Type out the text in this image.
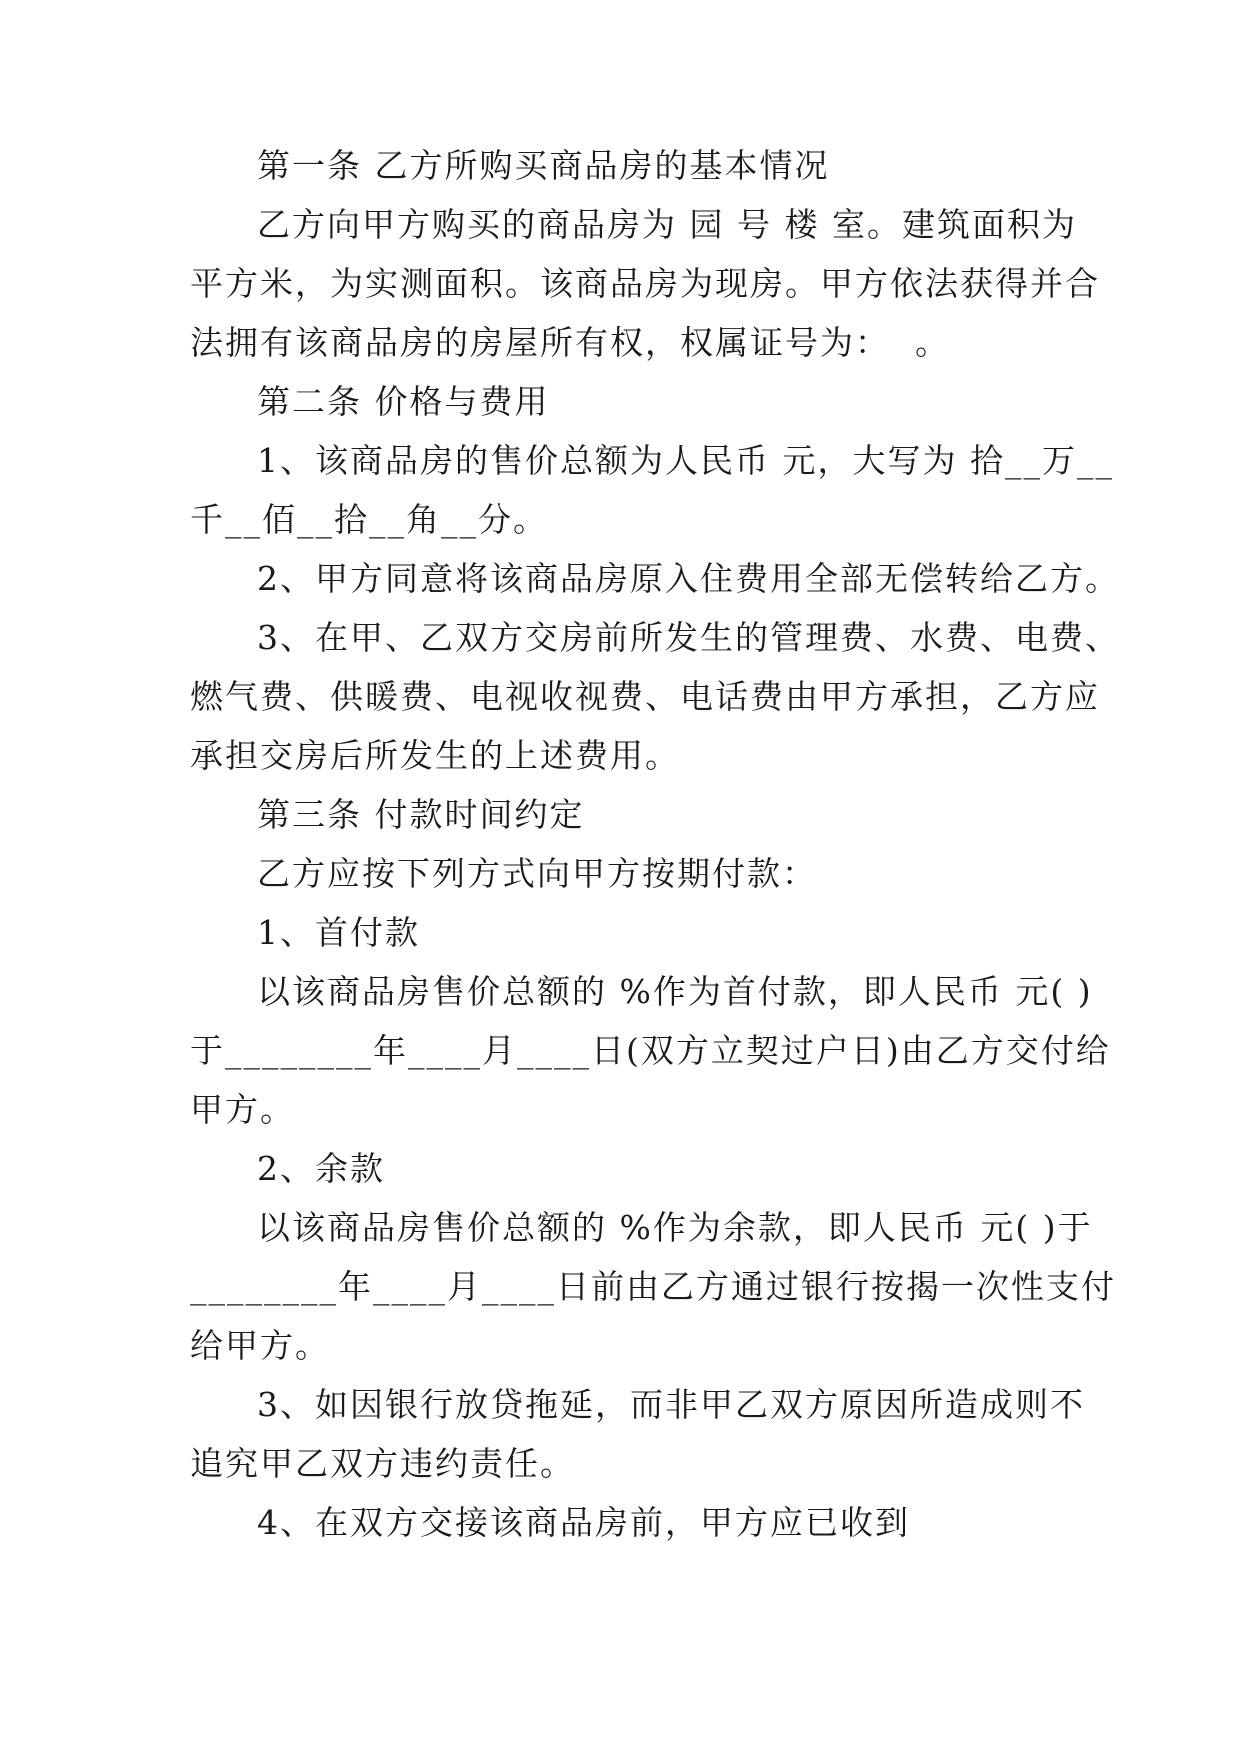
第一条 乙方所购买商品房的基本情况
乙方向甲方购买的商品房为 园 号 楼 室。建筑面积为
平方米，为实测面积。该商品房为现房。甲方依法获得并合
法拥有该商品房的房屋所有权，权属证号为：  。
第二条 价格与费用
1、该商品房的售价总额为人民币 元，大写为 拾__万__
千__佰__拾__角__分。
2、甲方同意将该商品房原入住费用全部无偿转给乙方。
3、在甲、乙双方交房前所发生的管理费、水费、电费、
燃气费、供暖费、电视收视费、电话费由甲方承担，乙方应
承担交房后所发生的上述费用。
第三条 付款时间约定
乙方应按下列方式向甲方按期付款：
1、首付款
以该商品房售价总额的 %作为首付款，即人民币 元( )
于________年____月____日(双方立契过户日)由乙方交付给
甲方。
2、余款
以该商品房售价总额的 %作为余款，即人民币 元( )于
________年____月____日前由乙方通过银行按揭一次性支付
给甲方。
3、如因银行放贷拖延，而非甲乙双方原因所造成则不
追究甲乙双方违约责任。
4、在双方交接该商品房前，甲方应已收到
